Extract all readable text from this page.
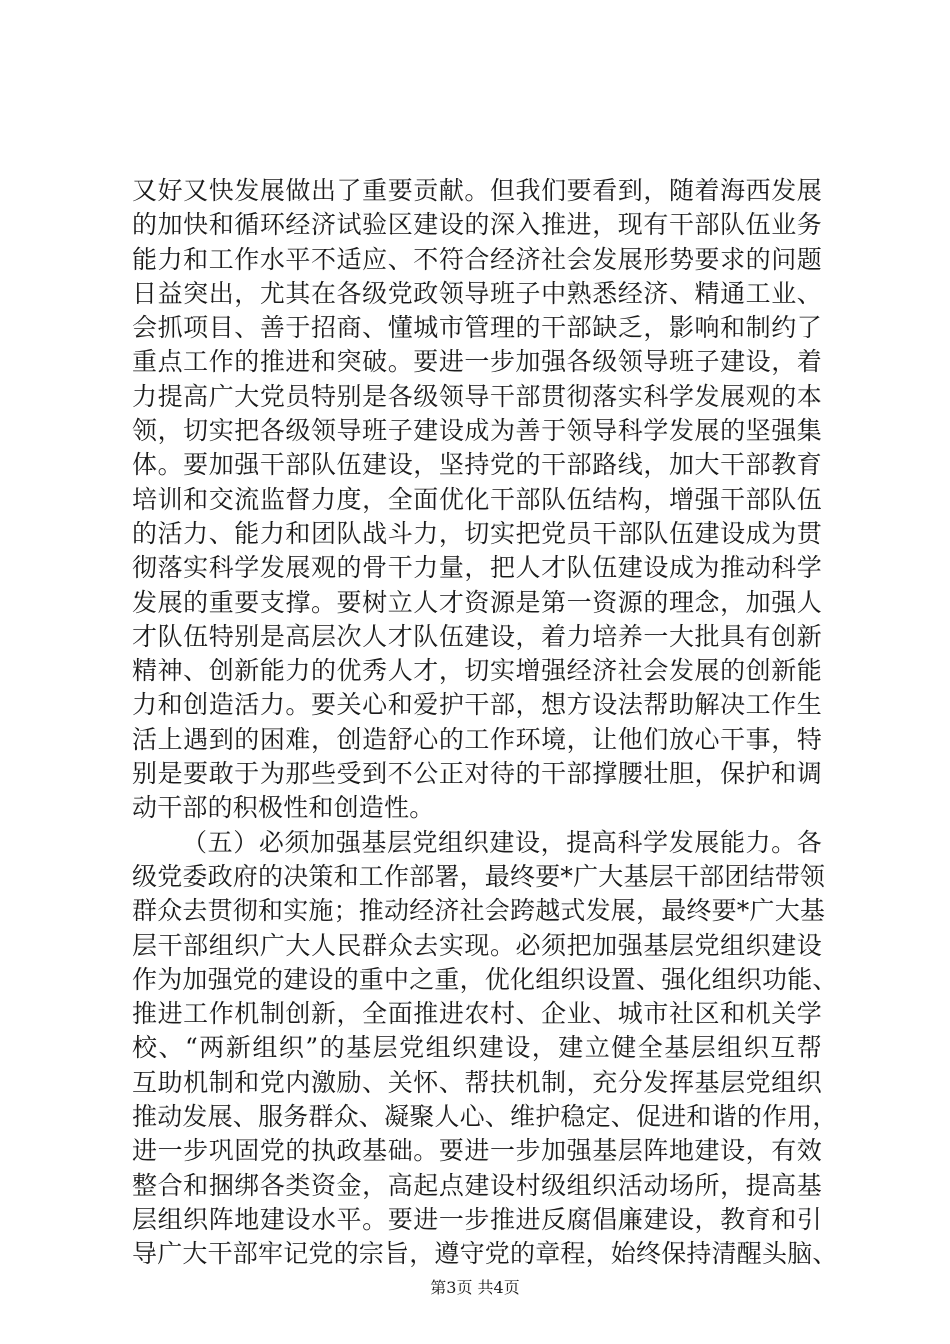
又好又快发展做出了重要贡献。但我们要看到，随着海西发展
的加快和循环经济试验区建设的深入推进，现有干部队伍业务
能力和工作水平不适应、不符合经济社会发展形势要求的问题
日益突出，尤其在各级党政领导班子中熟悉经济、精通工业、
会抓项目、善于招商、懂城市管理的干部缺乏，影响和制约了
重点工作的推进和突破。要进一步加强各级领导班子建设，着
力提高广大党员特别是各级领导干部贯彻落实科学发展观的本
领，切实把各级领导班子建设成为善于领导科学发展的坚强集
体。要加强干部队伍建设，坚持党的干部路线，加大干部教育
培训和交流监督力度，全面优化干部队伍结构，增强干部队伍
的活力、能力和团队战斗力，切实把党员干部队伍建设成为贯
彻落实科学发展观的骨干力量，把人才队伍建设成为推动科学
发展的重要支撑。要树立人才资源是第一资源的理念，加强人
才队伍特别是高层次人才队伍建设，着力培养一大批具有创新
精神、创新能力的优秀人才，切实增强经济社会发展的创新能
力和创造活力。要关心和爱护干部，想方设法帮助解决工作生
活上遇到的困难，创造舒心的工作环境，让他们放心干事，特
别是要敢于为那些受到不公正对待的干部撑腰壮胆，保护和调
动干部的积极性和创造性。
（五）必须加强基层党组织建设，提高科学发展能力。各
级党委政府的决策和工作部署，最终要*广大基层干部团结带领
群众去贯彻和实施；推动经济社会跨越式发展，最终要*广大基
层干部组织广大人民群众去实现。必须把加强基层党组织建设
作为加强党的建设的重中之重，优化组织设置、强化组织功能、
推进工作机制创新，全面推进农村、企业、城市社区和机关学
校、“两新组织”的基层党组织建设，建立健全基层组织互帮
互助机制和党内激励、关怀、帮扶机制，充分发挥基层党组织
推动发展、服务群众、凝聚人心、维护稳定、促进和谐的作用，
进一步巩固党的执政基础。要进一步加强基层阵地建设，有效
整合和捆绑各类资金，高起点建设村级组织活动场所，提高基
层组织阵地建设水平。要进一步推进反腐倡廉建设，教育和引
导广大干部牢记党的宗旨，遵守党的章程，始终保持清醒头脑、
第3页 共4页
